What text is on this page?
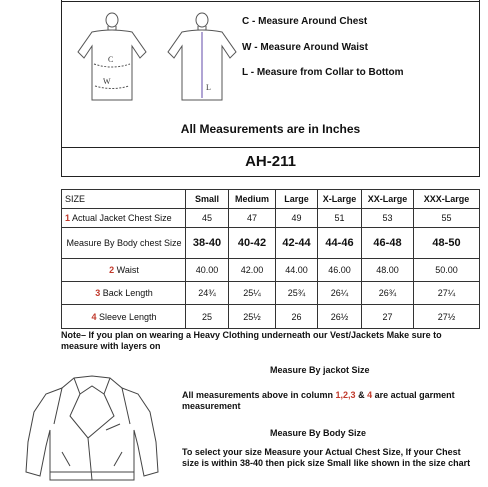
C
W
L
C - Measure Around Chest
W - Measure Around Waist
L - Measure from Collar to Bottom
All Measurements are in Inches
AH-211
SIZE	Small	Medium	Large	X-Large	XX-Large	XXX-Large
1 Actual Jacket Chest Size	45	47	49	51	53	55
Measure By Body chest Size	38-40	40-42	42-44	44-46	46-48	48-50
2 Waist	40.00	42.00	44.00	46.00	48.00	50.00
3 Back Length	24¾	25¼	25¾	26¼	26¾	27¼
4 Sleeve Length	25	25½	26	26½	27	27½
Note– If you plan on wearing a Heavy Clothing underneath our Vest/Jackets Make sure to measure with layers on
Measure By jackot Size
All measurements above in column 1,2,3 & 4 are actual garment measurement
Measure By Body Size
To select your size Measure your Actual Chest Size, If your Chest size is within 38-40 then pick size Small like shown in the size chart
